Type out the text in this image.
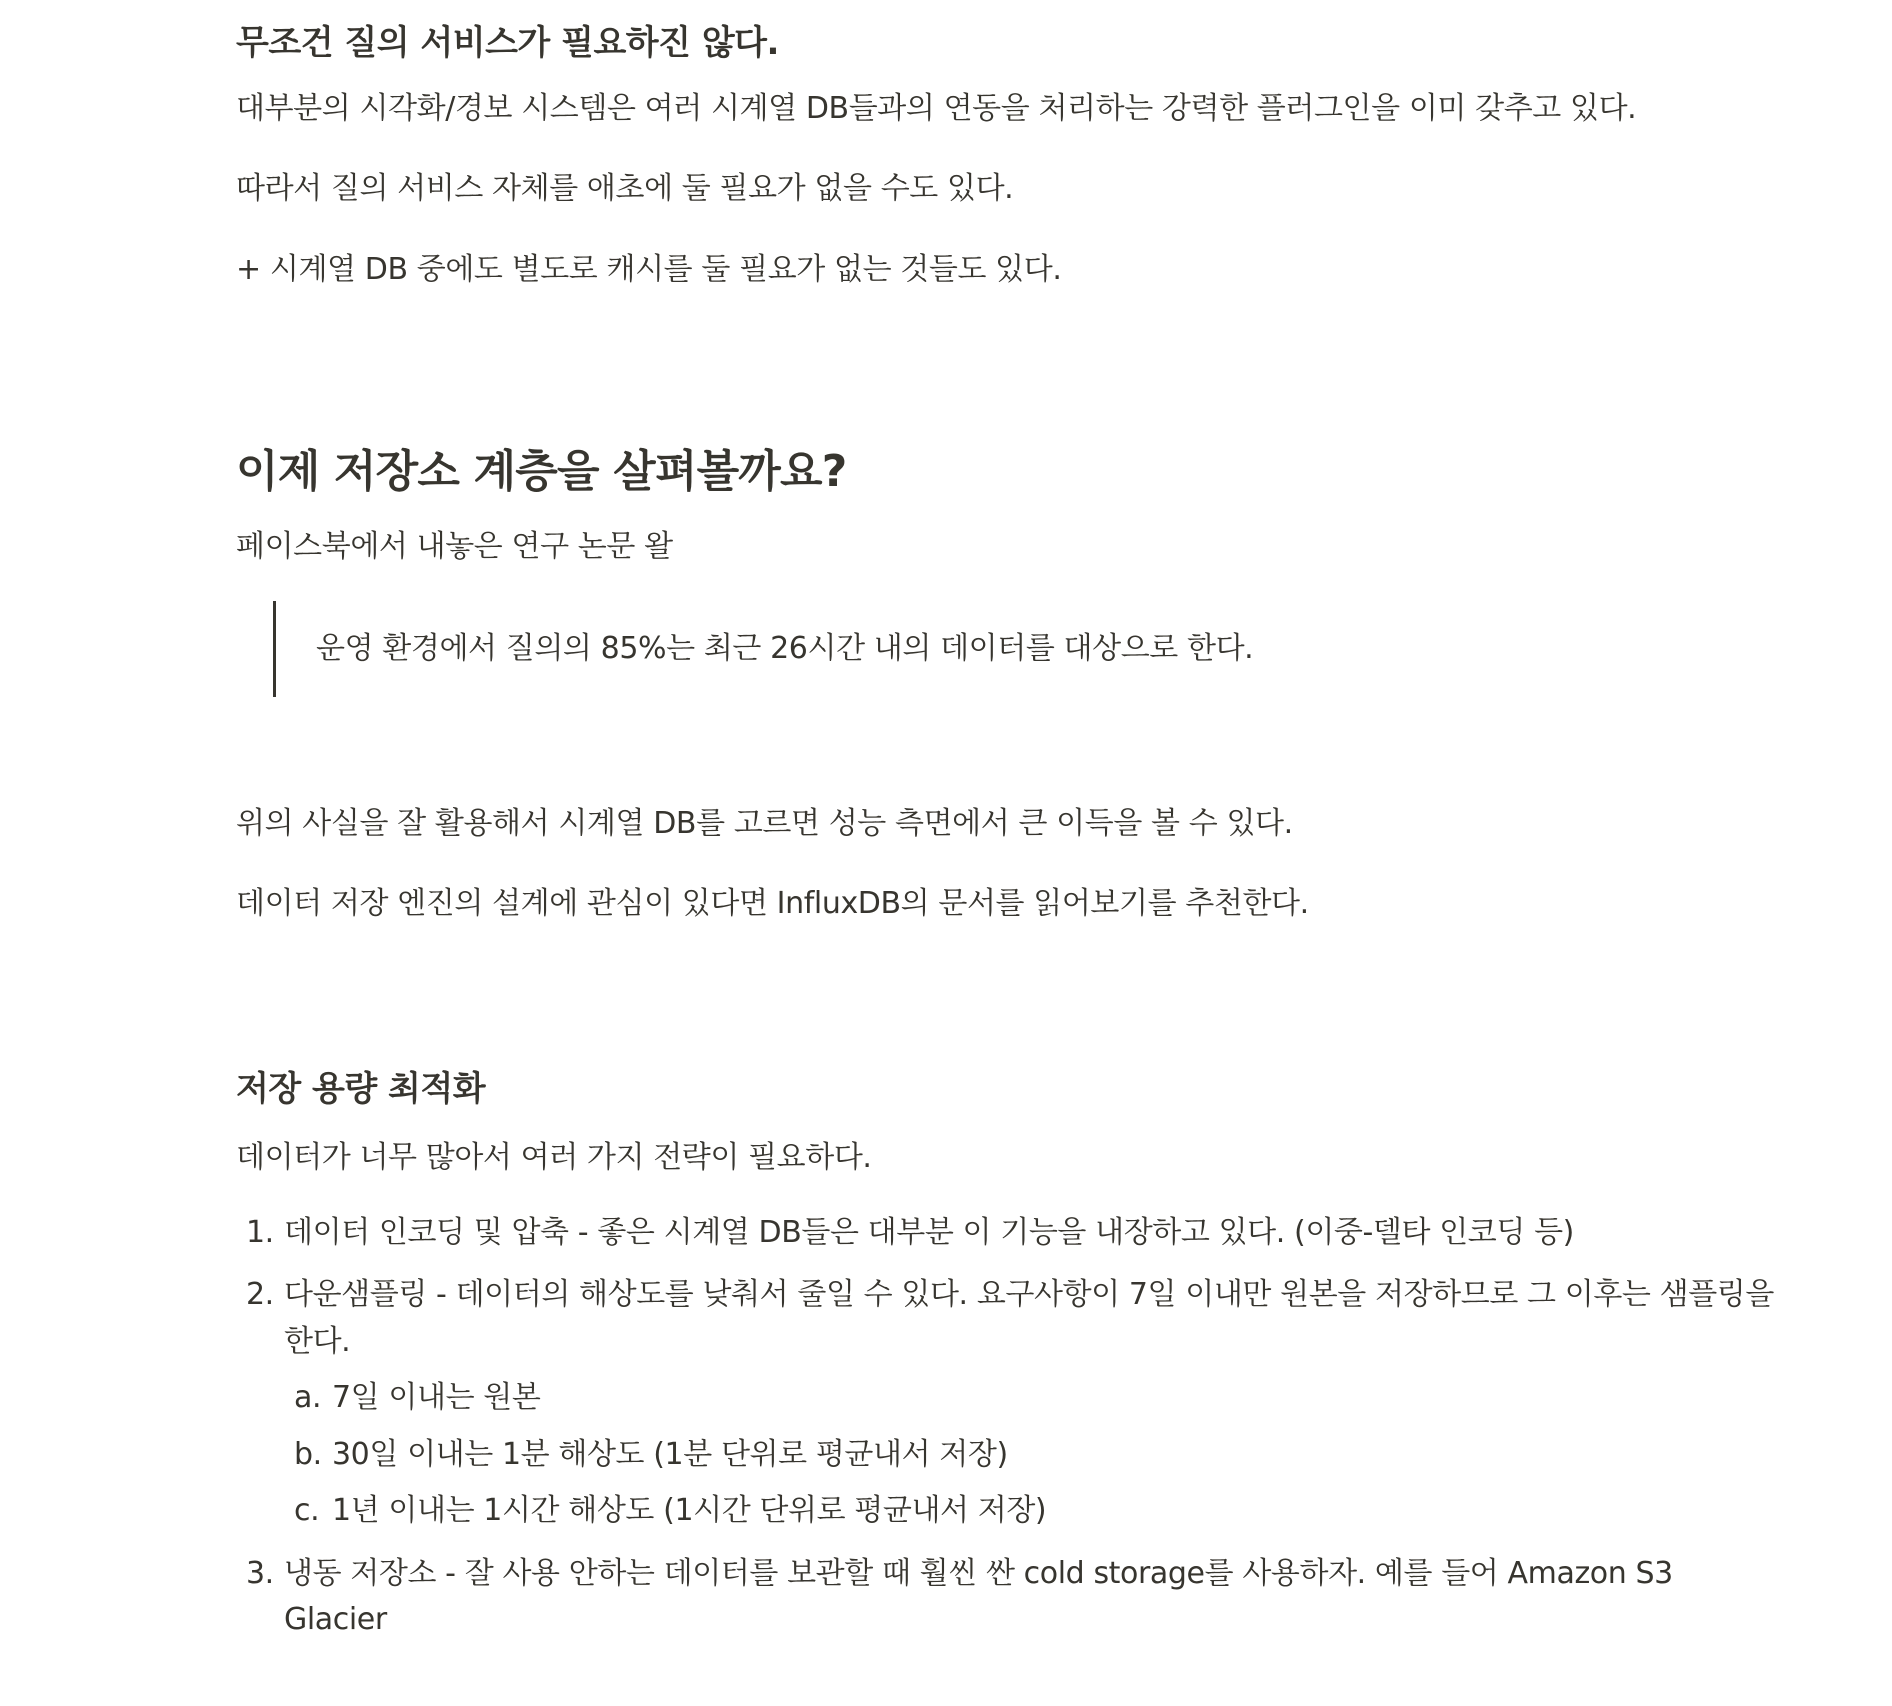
무조건 질의 서비스가 필요하진 않다.

대부분의 시각화/경보 시스템은 여러 시계열 DB들과의 연동을 처리하는 강력한 플러그인을 이미 갖추고 있다.

따라서 질의 서비스 자체를 애초에 둘 필요가 없을 수도 있다.

+ 시계열 DB 중에도 별도로 캐시를 둘 필요가 없는 것들도 있다.

이제 저장소 계층을 살펴볼까요?

페이스북에서 내놓은 연구 논문 왈

운영 환경에서 질의의 85%는 최근 26시간 내의 데이터를 대상으로 한다.

위의 사실을 잘 활용해서 시계열 DB를 고르면 성능 측면에서 큰 이득을 볼 수 있다.

데이터 저장 엔진의 설계에 관심이 있다면 InfluxDB의 문서를 읽어보기를 추천한다.

저장 용량 최적화

데이터가 너무 많아서 여러 가지 전략이 필요하다.

1. 데이터 인코딩 및 압축 - 좋은 시계열 DB들은 대부분 이 기능을 내장하고 있다. (이중-델타 인코딩 등)
2. 다운샘플링 - 데이터의 해상도를 낮춰서 줄일 수 있다. 요구사항이 7일 이내만 원본을 저장하므로 그 이후는 샘플링을 한다.
a. 7일 이내는 원본
b. 30일 이내는 1분 해상도 (1분 단위로 평균내서 저장)
c. 1년 이내는 1시간 해상도 (1시간 단위로 평균내서 저장)
3. 냉동 저장소 - 잘 사용 안하는 데이터를 보관할 때 훨씬 싼 cold storage를 사용하자. 예를 들어 Amazon S3 Glacier
